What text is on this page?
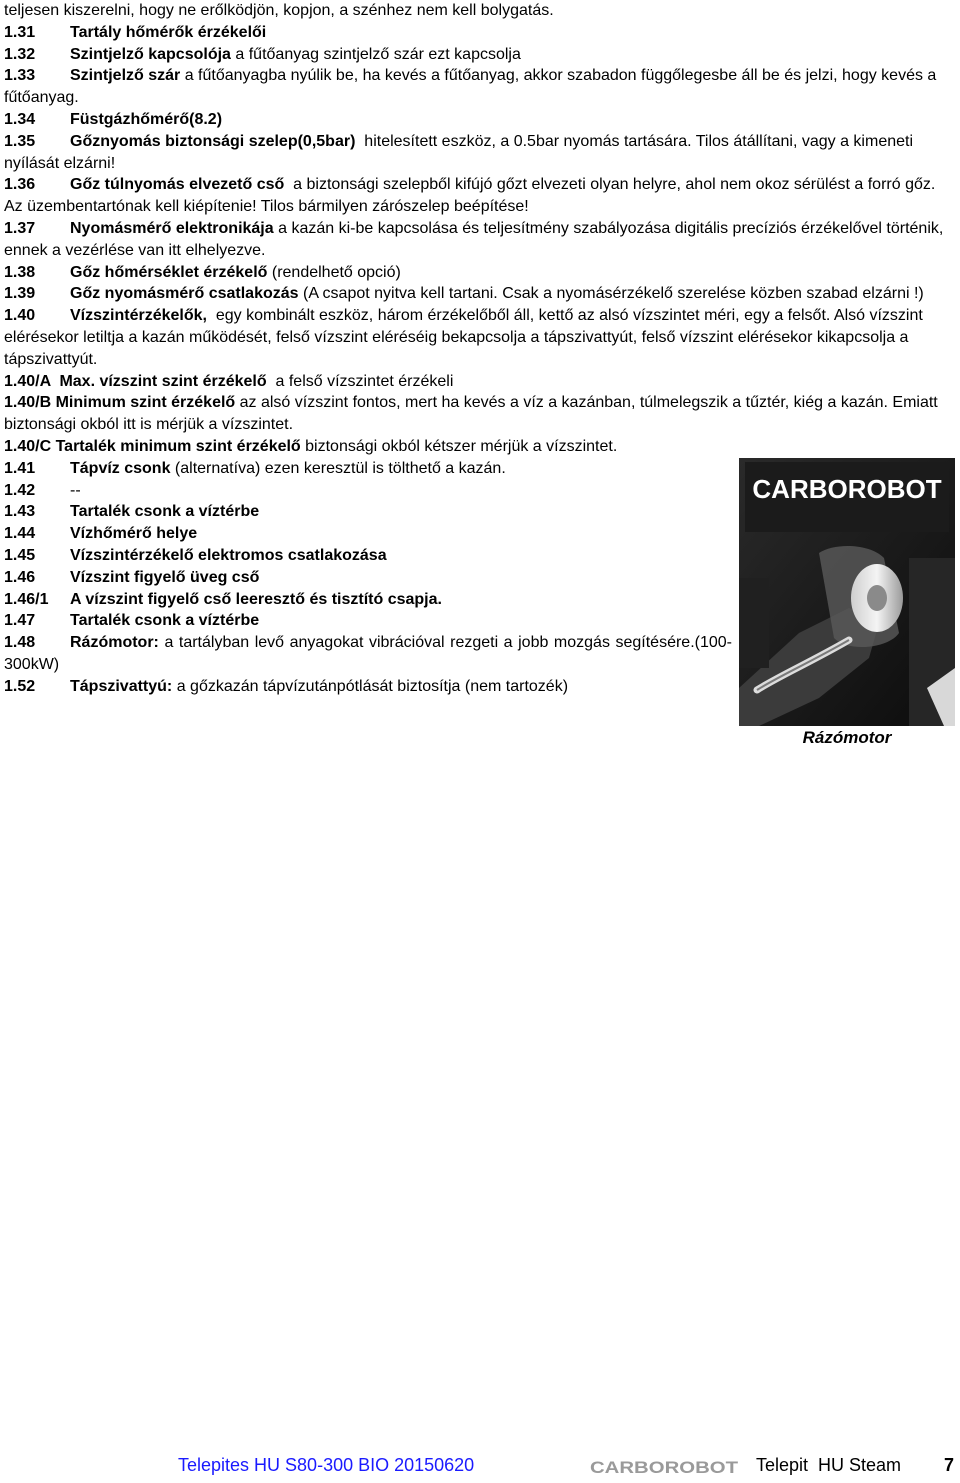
teljesen kiszerelni, hogy ne erőlködjön, kopjon, a szénhez nem kell bolygatás.

1.31 Tartály hőmérők érzékelői

1.32 Szintjelző kapcsolója a fűtőanyag szintjelző szár ezt kapcsolja

1.33 Szintjelző szár a fűtőanyagba nyúlik be, ha kevés a fűtőanyag, akkor szabadon függőlegesbe áll be és jelzi, hogy kevés a fűtőanyag.

1.34 Füstgázhőmérő(8.2)

1.35 Gőznyomás biztonsági szelep(0,5bar)  hitelesített eszköz, a 0.5bar nyomás tartására. Tilos átállítani, vagy a kimeneti nyílását elzárni!

1.36 Gőz túlnyomás elvezető cső  a biztonsági szelepből kifújó gőzt elvezeti olyan helyre, ahol nem okoz sérülést a forró gőz. Az üzembentartónak kell kiépítenie! Tilos bármilyen zárószelep beépítése!

1.37 Nyomásmérő elektronikája a kazán ki-be kapcsolása és teljesítmény szabályozása digitális precíziós érzékelővel történik, ennek a vezérlése van itt elhelyezve.

1.38 Gőz hőmérséklet érzékelő (rendelhető opció)

1.39 Gőz nyomásmérő csatlakozás (A csapot nyitva kell tartani. Csak a nyomásérzékelő szerelése közben szabad elzárni !)

1.40 Vízszintérzékelők,  egy kombinált eszköz, három érzékelőből áll, kettő az alsó vízszintet méri, egy a felsőt. Alsó vízszint elérésekor letiltja a kazán működését, felső vízszint eléréséig bekapcsolja a tápszivattyút, felső vízszint elérésekor kikapcsolja a tápszivattyút.

1.40/A  Max. vízszint szint érzékelő  a felső vízszintet érzékeli

1.40/B Minimum szint érzékelő az alsó vízszint fontos, mert ha kevés a víz a kazánban, túlmelegszik a tűztér, kiég a kazán. Emiatt biztonsági okból itt is mérjük a vízszintet.

1.40/C Tartalék minimum szint érzékelő biztonsági okból kétszer mérjük a vízszintet.

1.41 Tápvíz csonk (alternatíva) ezen keresztül is tölthető a kazán.

1.42 --

1.43 Tartalék csonk a víztérbe

1.44 Vízhőmérő helye

1.45 Vízszintérzékelő elektromos csatlakozása

1.46 Vízszint figyelő üveg cső

1.46/1 A vízszint figyelő cső leeresztő és tisztító csapja.

1.47 Tartalék csonk a víztérbe

1.48 Rázómotor: a tartályban levő anyagokat vibrációval rezgeti a jobb mozgás segítésére.(100-300kW)

1.52 Tápszivattyú: a gőzkazán tápvízutánpótlását biztosítja (nem tartozék)

CARBOROBOT
Rázómotor
Telepites HU S80-300 BIO 20150620	CARBOROBOT Telepit  HU Steam 7
